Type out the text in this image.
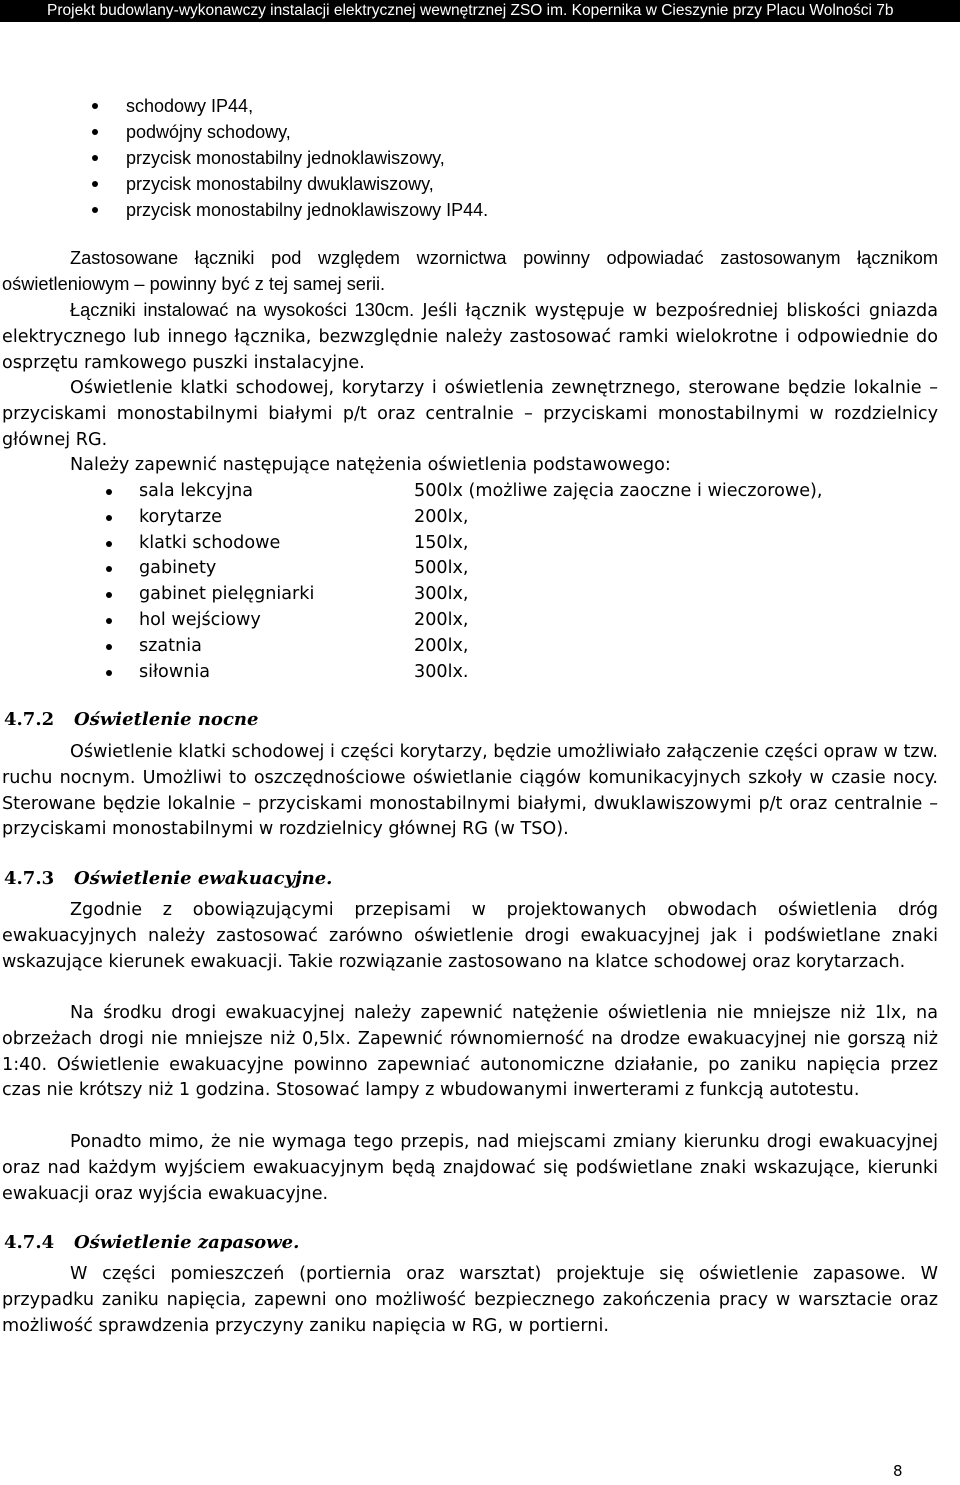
Projekt budowlany-wykonawczy instalacji elektrycznej wewnętrznej ZSO im. Kopernika w Cieszynie przy Placu Wolności 7b
schodowy IP44,
podwójny schodowy,
przycisk monostabilny jednoklawiszowy,
przycisk monostabilny dwuklawiszowy,
przycisk monostabilny jednoklawiszowy IP44.

Zastosowane łączniki pod względem wzornictwa powinny odpowiadać zastosowanym łącznikom oświetleniowym – powinny być z tej samej serii.

Łączniki instalować na wysokości 130cm. Jeśli łącznik występuje w bezpośredniej bliskości gniazda elektrycznego lub innego łącznika, bezwzględnie należy zastosować ramki wielokrotne i odpowiednie do osprzętu ramkowego puszki instalacyjne.

Oświetlenie klatki schodowej, korytarzy i oświetlenia zewnętrznego, sterowane będzie lokalnie – przyciskami monostabilnymi białymi p/t oraz centralnie – przyciskami monostabilnymi w rozdzielnicy głównej RG.

Należy zapewnić następujące natężenia oświetlenia podstawowego:

sala lekcyjna	500lx (możliwe zajęcia zaoczne i wieczorowe),
korytarze	200lx,
klatki schodowe	150lx,
gabinety	500lx,
gabinet pielęgniarki	300lx,
hol wejściowy	200lx,
szatnia	200lx,
siłownia	300lx.
4.7.2 Oświetlenie nocne

Oświetlenie klatki schodowej i części korytarzy, będzie umożliwiało załączenie części opraw w tzw. ruchu nocnym. Umożliwi to oszczędnościowe oświetlanie ciągów komunikacyjnych szkoły w czasie nocy. Sterowane będzie lokalnie – przyciskami monostabilnymi białymi, dwuklawiszowymi p/t oraz centralnie – przyciskami monostabilnymi w rozdzielnicy głównej RG (w TSO).

4.7.3 Oświetlenie ewakuacyjne.

Zgodnie z obowiązującymi przepisami w projektowanych obwodach oświetlenia dróg ewakuacyjnych należy zastosować zarówno oświetlenie drogi ewakuacyjnej jak i podświetlane znaki wskazujące kierunek ewakuacji. Takie rozwiązanie zastosowano na klatce schodowej oraz korytarzach.

Na środku drogi ewakuacyjnej należy zapewnić natężenie oświetlenia nie mniejsze niż 1lx, na obrzeżach drogi nie mniejsze niż 0,5lx. Zapewnić równomierność na drodze ewakuacyjnej nie gorszą niż 1:40. Oświetlenie ewakuacyjne powinno zapewniać autonomiczne działanie, po zaniku napięcia przez czas nie krótszy niż 1 godzina. Stosować lampy z wbudowanymi inwerterami z funkcją autotestu.

Ponadto mimo, że nie wymaga tego przepis, nad miejscami zmiany kierunku drogi ewakuacyjnej oraz nad każdym wyjściem ewakuacyjnym będą znajdować się podświetlane znaki wskazujące, kierunki ewakuacji oraz wyjścia ewakuacyjne.

4.7.4 Oświetlenie zapasowe.

W części pomieszczeń (portiernia oraz warsztat) projektuje się oświetlenie zapasowe. W przypadku zaniku napięcia, zapewni ono możliwość bezpiecznego zakończenia pracy w warsztacie oraz możliwość sprawdzenia przyczyny zaniku napięcia w RG, w portierni.

8
